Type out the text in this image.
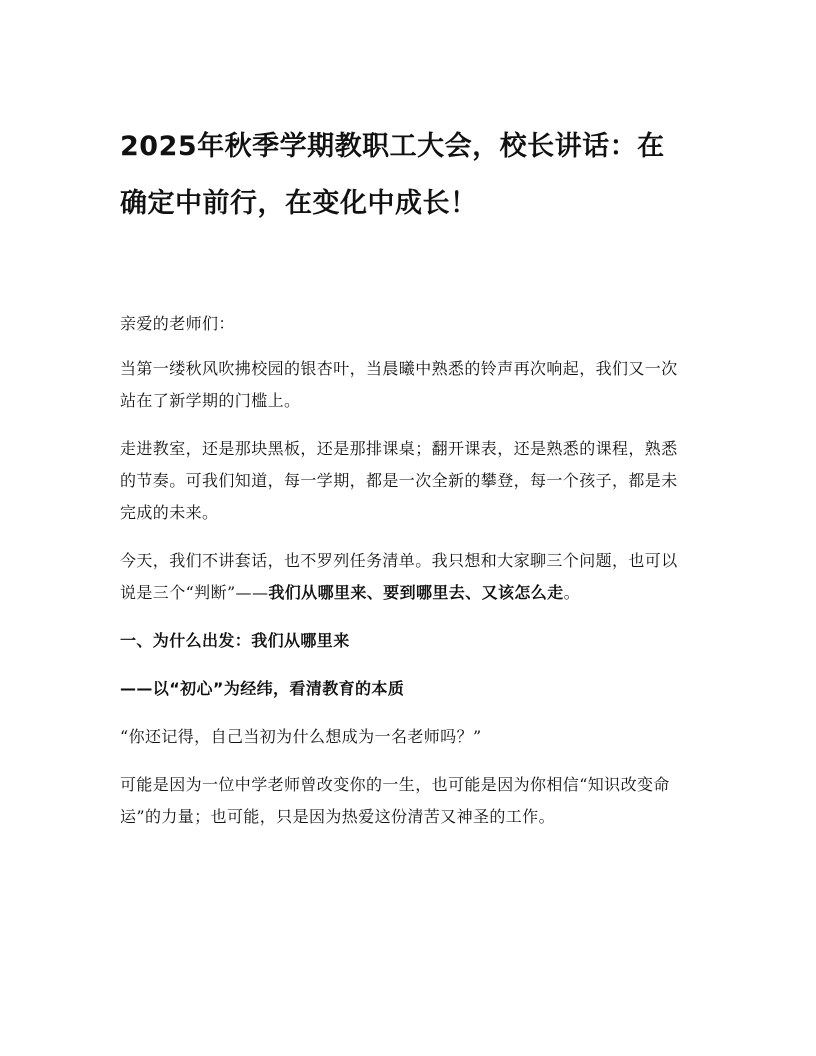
2025年秋季学期教职工大会，校长讲话：在确定中前行，在变化中成长！

亲爱的老师们：

当第一缕秋风吹拂校园的银杏叶，当晨曦中熟悉的铃声再次响起，我们又一次站在了新学期的门槛上。

走进教室，还是那块黑板，还是那排课桌；翻开课表，还是熟悉的课程，熟悉的节奏。可我们知道，每一学期，都是一次全新的攀登，每一个孩子，都是未完成的未来。

今天，我们不讲套话，也不罗列任务清单。我只想和大家聊三个问题，也可以说是三个“判断”——我们从哪里来、要到哪里去、又该怎么走。

一、为什么出发：我们从哪里来

——以“初心”为经纬，看清教育的本质

“你还记得，自己当初为什么想成为一名老师吗？”

可能是因为一位中学老师曾改变你的一生，也可能是因为你相信“知识改变命运”的力量；也可能，只是因为热爱这份清苦又神圣的工作。
